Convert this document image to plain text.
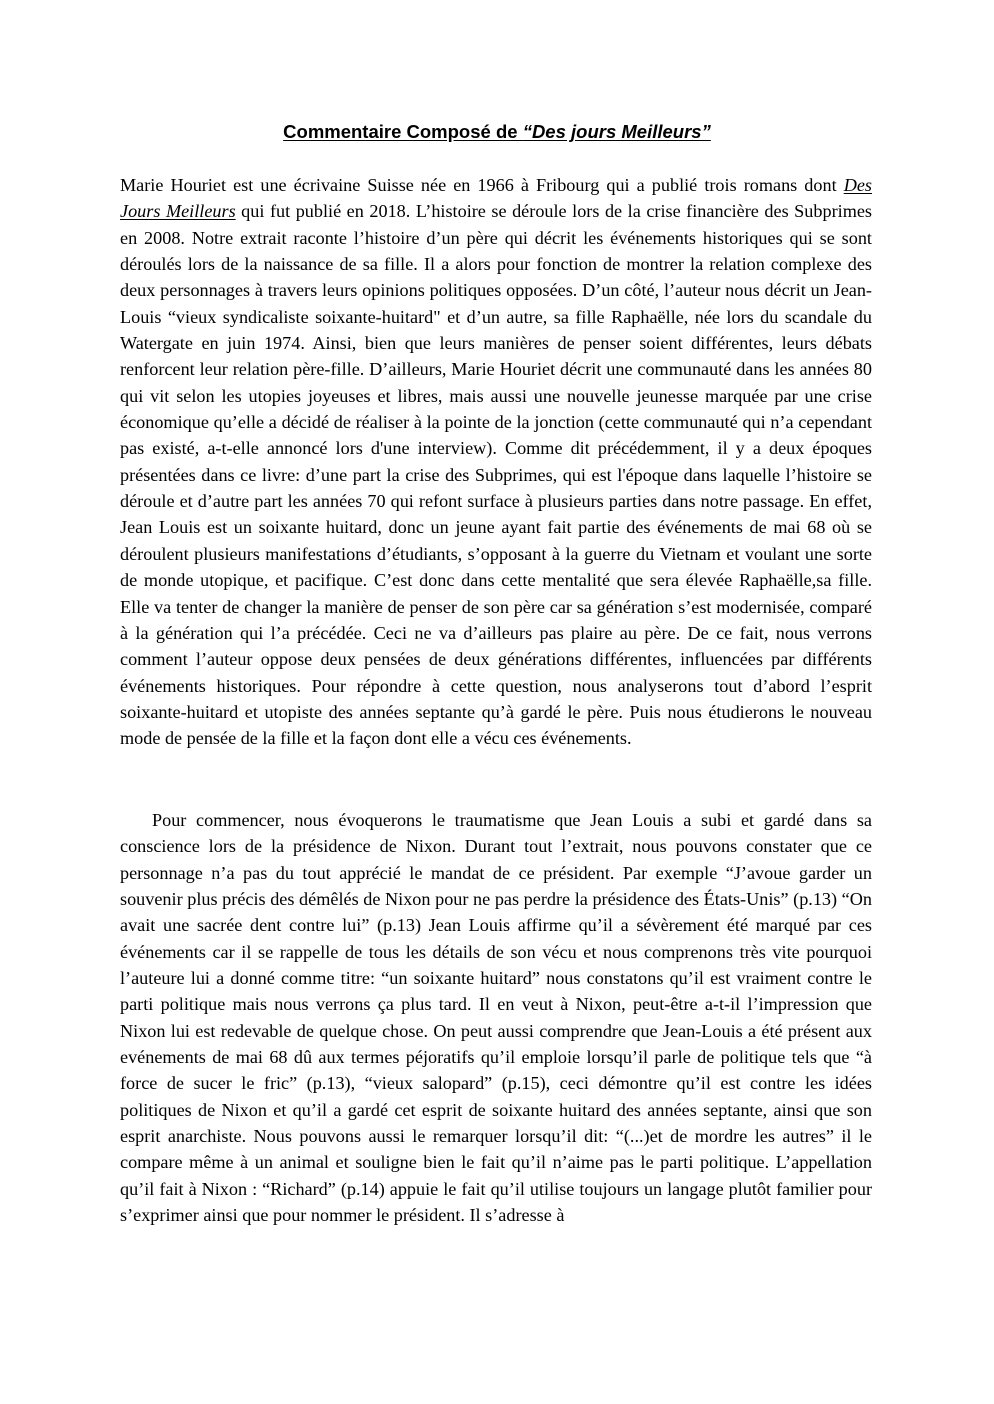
Commentaire Composé de “Des jours Meilleurs”

Marie Houriet est une écrivaine Suisse née en 1966 à Fribourg qui a publié trois romans dont Des Jours Meilleurs qui fut publié en 2018. L’histoire se déroule lors de la crise financière des Subprimes en 2008. Notre extrait raconte l’histoire d’un père qui décrit les événements historiques qui se sont déroulés lors de la naissance de sa fille. Il a alors pour fonction de montrer la relation complexe des deux personnages à travers leurs opinions politiques opposées. D’un côté, l’auteur nous décrit un Jean-Louis “vieux syndicaliste soixante-huitard" et d’un autre, sa fille Raphaëlle, née lors du scandale du Watergate en juin 1974. Ainsi, bien que leurs manières de penser soient différentes, leurs débats renforcent leur relation père-fille. D’ailleurs, Marie Houriet décrit une communauté dans les années 80 qui vit selon les utopies joyeuses et libres, mais aussi une nouvelle jeunesse marquée par une crise économique qu’elle a décidé de réaliser à la pointe de la jonction (cette communauté qui n’a cependant pas existé, a-t-elle annoncé lors d'une interview). Comme dit précédemment, il y a deux époques présentées dans ce livre: d’une part la crise des Subprimes, qui est l'époque dans laquelle l’histoire se déroule et d’autre part les années 70 qui refont surface à plusieurs parties dans notre passage. En effet, Jean Louis est un soixante huitard, donc un jeune ayant fait partie des événements de mai 68 où se déroulent plusieurs manifestations d’étudiants, s’opposant à la guerre du Vietnam et voulant une sorte de monde utopique, et pacifique. C’est donc dans cette mentalité que sera élevée Raphaëlle,sa fille. Elle va tenter de changer la manière de penser de son père car sa génération s’est modernisée, comparé à la génération qui l’a précédée. Ceci ne va d’ailleurs pas plaire au père. De ce fait, nous verrons comment l’auteur oppose deux pensées de deux générations différentes, influencées par différents événements historiques. Pour répondre à cette question, nous analyserons tout d’abord l’esprit soixante-huitard et utopiste des années septante qu’à gardé le père. Puis nous étudierons le nouveau mode de pensée de la fille et la façon dont elle a vécu ces événements.

Pour commencer, nous évoquerons le traumatisme que Jean Louis a subi et gardé dans sa conscience lors de la présidence de Nixon. Durant tout l’extrait, nous pouvons constater que ce personnage n’a pas du tout apprécié le mandat de ce président. Par exemple “J’avoue garder un souvenir plus précis des démêlés de Nixon pour ne pas perdre la présidence des États-Unis” (p.13) “On avait une sacrée dent contre lui” (p.13) Jean Louis affirme qu’il a sévèrement été marqué par ces événements car il se rappelle de tous les détails de son vécu et nous comprenons très vite pourquoi l’auteure lui a donné comme titre: “un soixante huitard” nous constatons qu’il est vraiment contre le parti politique mais nous verrons ça plus tard. Il en veut à Nixon, peut-être a-t-il l’impression que Nixon lui est redevable de quelque chose. On peut aussi comprendre que Jean-Louis a été présent aux evénements de mai 68 dû aux termes péjoratifs qu’il emploie lorsqu’il parle de politique tels que “à force de sucer le fric” (p.13), “vieux salopard” (p.15), ceci démontre qu’il est contre les idées politiques de Nixon et qu’il a gardé cet esprit de soixante huitard des années septante, ainsi que son esprit anarchiste. Nous pouvons aussi le remarquer lorsqu’il dit: “(...)et de mordre les autres” il le compare même à un animal et souligne bien le fait qu’il n’aime pas le parti politique. L’appellation qu’il fait à Nixon : “Richard” (p.14) appuie le fait qu’il utilise toujours un langage plutôt familier pour s’exprimer ainsi que pour nommer le président. Il s’adresse à
